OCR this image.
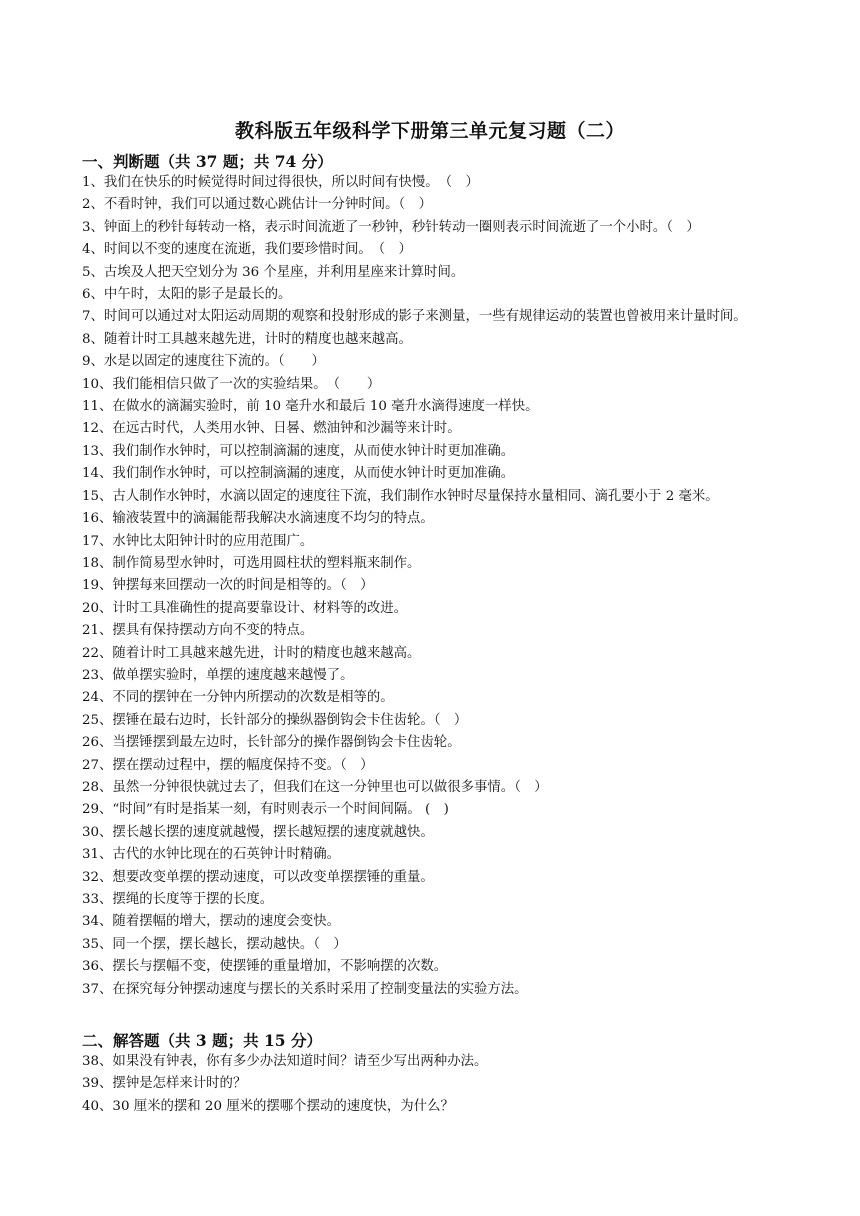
教科版五年级科学下册第三单元复习题（二）
一、判断题（共 37 题；共 74 分）
1、我们在快乐的时候觉得时间过得很快，所以时间有快慢。　（　）
2、不看时钟，我们可以通过数心跳估计一分钟时间。（　）
3、钟面上的秒针每转动一格，表示时间流逝了一秒钟，秒针转动一圈则表示时间流逝了一个小时。（　）
4、时间以不变的速度在流逝，我们要珍惜时间。　（　）
5、古埃及人把天空划分为 36 个星座，并利用星座来计算时间。
6、中午时，太阳的影子是最长的。
7、时间可以通过对太阳运动周期的观察和投射形成的影子来测量，一些有规律运动的装置也曾被用来计量时间。
8、随着计时工具越来越先进，计时的精度也越来越高。
9、水是以固定的速度往下流的。（　　）
10、我们能相信只做了一次的实验结果。　（　　）
11、在做水的滴漏实验时，前 10 毫升水和最后 10 毫升水滴得速度一样快。
12、在远古时代，人类用水钟、日晷、燃油钟和沙漏等来计时。
13、我们制作水钟时，可以控制滴漏的速度，从而使水钟计时更加准确。
14、我们制作水钟时，可以控制滴漏的速度，从而使水钟计时更加准确。
15、古人制作水钟时，水滴以固定的速度往下流，我们制作水钟时尽量保持水量相同、滴孔要小于 2 毫米。
16、输液装置中的滴漏能帮我解决水滴速度不均匀的特点。
17、水钟比太阳钟计时的应用范围广。
18、制作简易型水钟时，可选用圆柱状的塑料瓶来制作。
19、钟摆每来回摆动一次的时间是相等的。（　）
20、计时工具准确性的提高要靠设计、材料等的改进。
21、摆具有保持摆动方向不变的特点。
22、随着计时工具越来越先进，计时的精度也越来越高。
23、做单摆实验时，单摆的速度越来越慢了。
24、不同的摆钟在一分钟内所摆动的次数是相等的。
25、摆锤在最右边时，长针部分的操纵器倒钩会卡住齿轮。（　）
26、当摆锤摆到最左边时，长针部分的操作器倒钩会卡住齿轮。
27、摆在摆动过程中，摆的幅度保持不变。（　）
28、虽然一分钟很快就过去了，但我们在这一分钟里也可以做很多事情。（　）
29、“时间”有时是指某一刻，有时则表示一个时间间隔。 (　)
30、摆长越长摆的速度就越慢，摆长越短摆的速度就越快。
31、古代的水钟比现在的石英钟计时精确。
32、想要改变单摆的摆动速度，可以改变单摆摆锤的重量。
33、摆绳的长度等于摆的长度。
34、随着摆幅的增大，摆动的速度会变快。
35、同一个摆，摆长越长，摆动越快。（　）
36、摆长与摆幅不变，使摆锤的重量增加，不影响摆的次数。
37、在探究每分钟摆动速度与摆长的关系时采用了控制变量法的实验方法。
二、解答题（共 3 题；共 15 分）
38、如果没有钟表，你有多少办法知道时间？请至少写出两种办法。
39、摆钟是怎样来计时的？
40、30 厘米的摆和 20 厘米的摆哪个摆动的速度快，为什么？
